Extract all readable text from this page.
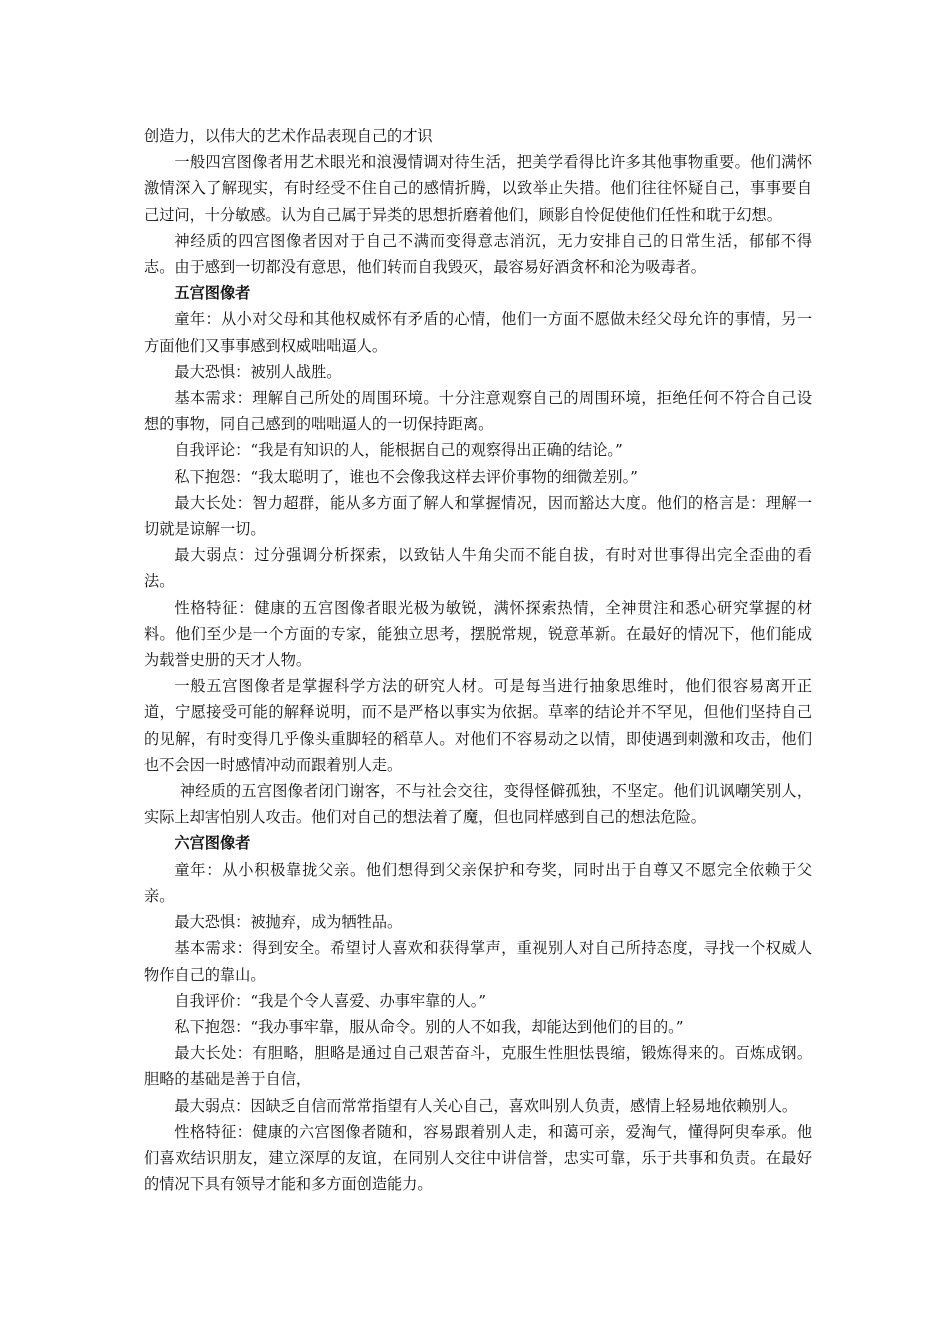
创造力，以伟大的艺术作品表现自己的才识

一般四宫图像者用艺术眼光和浪漫情调对待生活，把美学看得比许多其他事物重要。他们满怀激情深入了解现实，有时经受不住自己的感情折腾，以致举止失措。他们往往怀疑自己，事事要自己过问，十分敏感。认为自己属于异类的思想折磨着他们，顾影自怜促使他们任性和耽于幻想。

神经质的四宫图像者因对于自己不满而变得意志消沉，无力安排自己的日常生活，郁郁不得志。由于感到一切都没有意思，他们转而自我毁灭，最容易好酒贪杯和沦为吸毒者。

五宫图像者

童年：从小对父母和其他权威怀有矛盾的心情，他们一方面不愿做未经父母允许的事情，另一方面他们又事事感到权威咄咄逼人。

最大恐惧：被别人战胜。

基本需求：理解自己所处的周围环境。十分注意观察自己的周围环境，拒绝任何不符合自己设想的事物，同自己感到的咄咄逼人的一切保持距离。

自我评论：“我是有知识的人，能根据自己的观察得出正确的结论。”

私下抱怨：“我太聪明了，谁也不会像我这样去评价事物的细微差别。”

最大长处：智力超群，能从多方面了解人和掌握情况，因而豁达大度。他们的格言是：理解一切就是谅解一切。

最大弱点：过分强调分析探索，以致钻人牛角尖而不能自拔，有时对世事得出完全歪曲的看法。

性格特征：健康的五宫图像者眼光极为敏锐，满怀探索热情，全神贯注和悉心研究掌握的材料。他们至少是一个方面的专家，能独立思考，摆脱常规，锐意革新。在最好的情况下，他们能成为载誉史册的天才人物。

一般五宫图像者是掌握科学方法的研究人材。可是每当进行抽象思维时，他们很容易离开正道，宁愿接受可能的解释说明，而不是严格以事实为依据。草率的结论并不罕见，但他们坚持自己的见解，有时变得几乎像头重脚轻的稻草人。对他们不容易动之以情，即使遇到刺激和攻击，他们也不会因一时感情冲动而跟着别人走。

神经质的五宫图像者闭门谢客，不与社会交往，变得怪僻孤独，不坚定。他们讥讽嘲笑别人，实际上却害怕别人攻击。他们对自己的想法着了魔，但也同样感到自己的想法危险。

六宫图像者

童年：从小积极靠拢父亲。他们想得到父亲保护和夸奖，同时出于自尊又不愿完全依赖于父亲。

最大恐惧：被抛弃，成为牺牲品。

基本需求：得到安全。希望讨人喜欢和获得掌声，重视别人对自己所持态度，寻找一个权威人物作自己的靠山。

自我评价：“我是个令人喜爱、办事牢靠的人。”

私下抱怨：“我办事牢靠，服从命令。别的人不如我，却能达到他们的目的。”

最大长处：有胆略，胆略是通过自己艰苦奋斗，克服生性胆怯畏缩，锻炼得来的。百炼成钢。胆略的基础是善于自信，

最大弱点：因缺乏自信而常常指望有人关心自己，喜欢叫别人负责，感情上轻易地依赖别人。

性格特征：健康的六宫图像者随和，容易跟着别人走，和蔼可亲，爱淘气，懂得阿臾奉承。他们喜欢结识朋友，建立深厚的友谊，在同别人交往中讲信誉，忠实可靠，乐于共事和负责。在最好的情况下具有领导才能和多方面创造能力。
